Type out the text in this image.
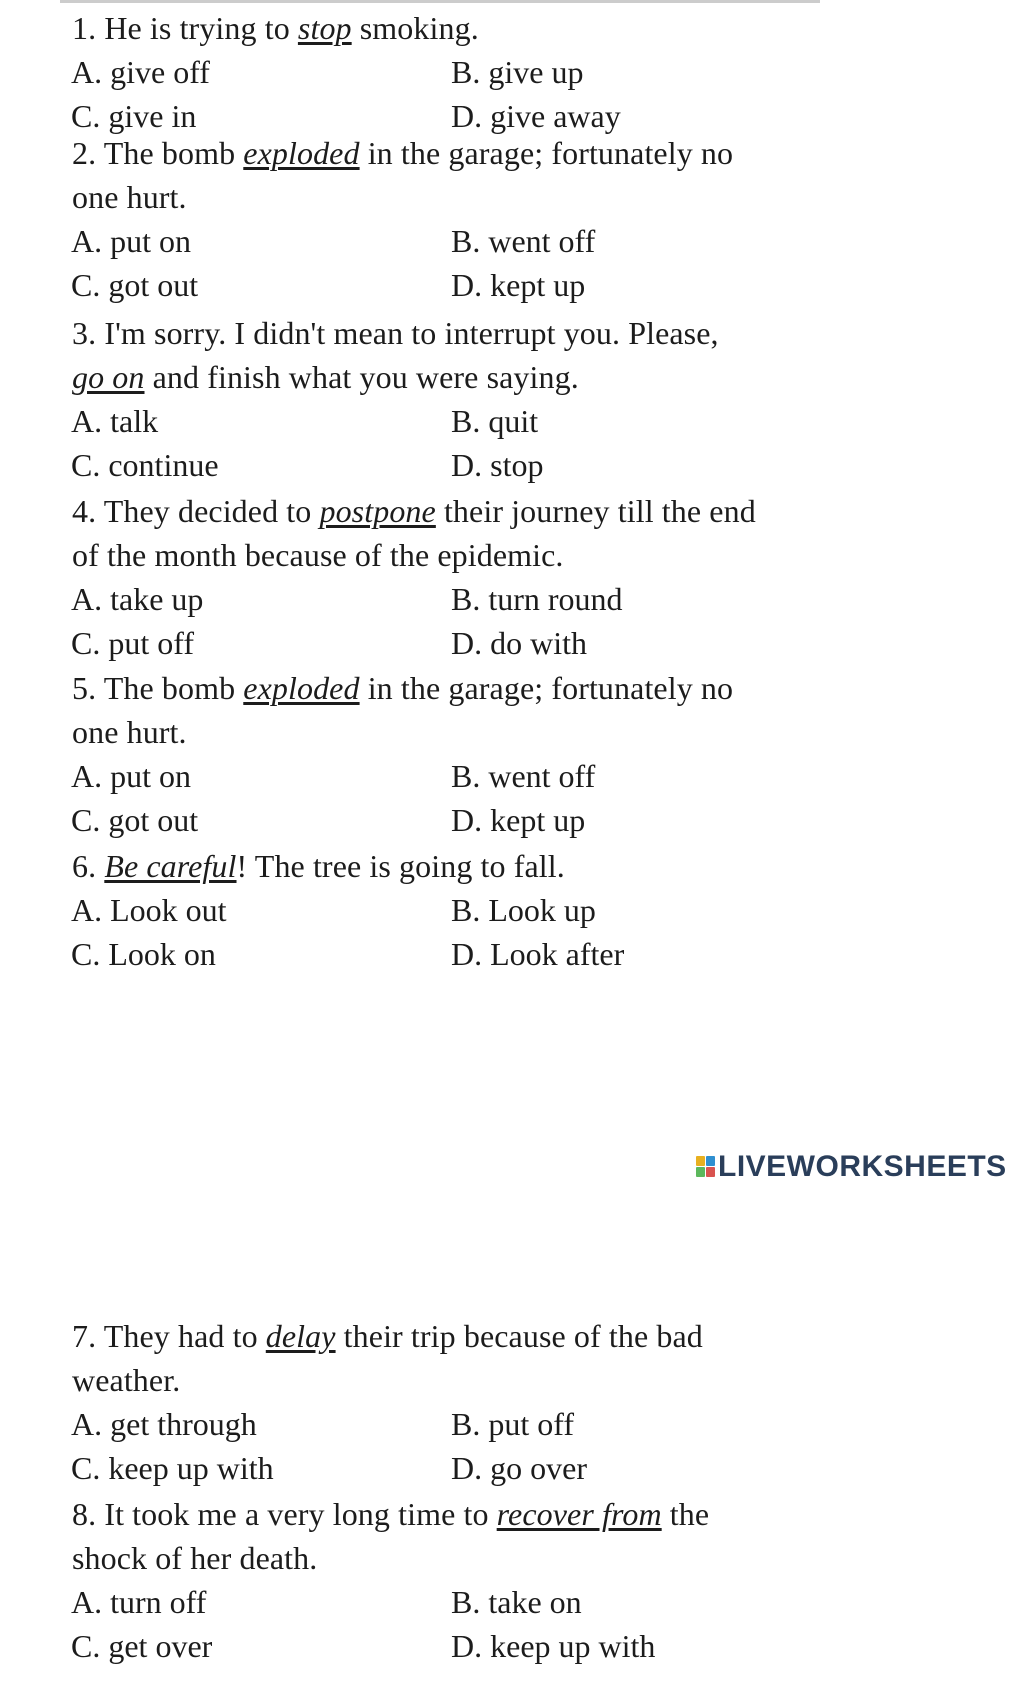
1. He is trying to stop smoking.
A. give off	B. give up
C. give in	D. give away
2. The bomb exploded in the garage; fortunately no
one hurt.
A. put on	B. went off
C. got out	D. kept up
3. I'm sorry. I didn't mean to interrupt you. Please,
go on and finish what you were saying.
A. talk	B. quit
C. continue	D. stop
4. They decided to postpone their journey till the end
of the month because of the epidemic.
A. take up	B. turn round
C. put off	D. do with
5. The bomb exploded in the garage; fortunately no
one hurt.
A. put on	B. went off
C. got out	D. kept up
6. Be careful! The tree is going to fall.
A. Look out	B. Look up
C. Look on	D. Look after
7. They had to delay their trip because of the bad
weather.
A. get through	B. put off
C. keep up with	D. go over
8. It took me a very long time to recover from the
shock of her death.
A. turn off	B. take on
C. get over	D. keep up with
LIVEWORKSHEETS
